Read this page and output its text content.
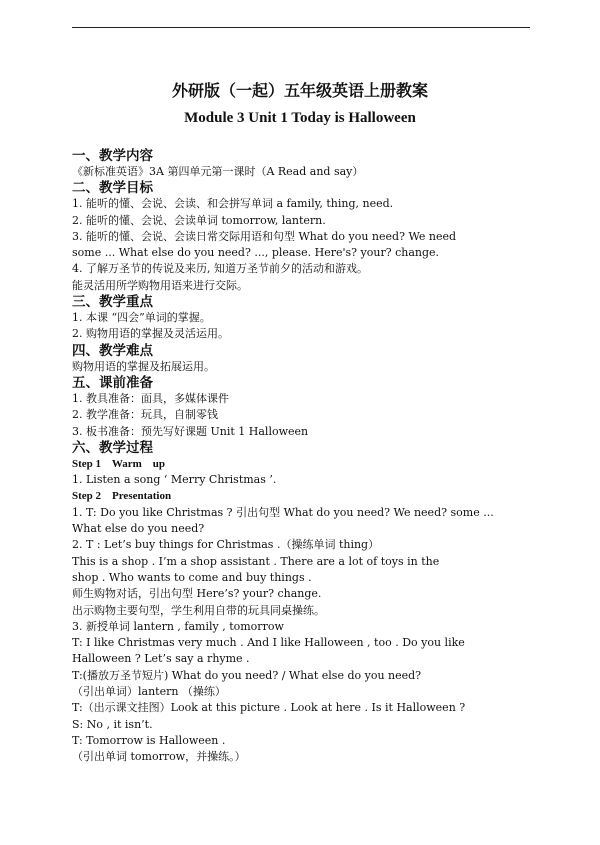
外研版（一起）五年级英语上册教案
Module 3 Unit 1 Today is Halloween

一、教学内容

《新标准英语》3A 第四单元第一课时（A Read and say）

二、教学目标

1. 能听的懂、会说、会读、和会拼写单词 a family, thing, need.

2. 能听的懂、会说、会读单词 tomorrow, lantern.

3. 能听的懂、会说、会读日常交际用语和句型 What do you need? We need

some ... What else do you need? ..., please. Here's? your? change.

4. 了解万圣节的传说及来历, 知道万圣节前夕的活动和游戏。

能灵活用所学购物用语来进行交际。

三、教学重点

1. 本课 “四会”单词的掌握。

2. 购物用语的掌握及灵活运用。

四、教学难点

购物用语的掌握及拓展运用。

五、课前准备

1. 教具准备：面具，多媒体课件

2. 教学准备：玩具，自制零钱

3. 板书准备：预先写好课题 Unit 1 Halloween

六、教学过程

Step 1    Warm    up

1. Listen a song ‘ Merry Christmas ’.

Step 2    Presentation

1. T: Do you like Christmas ? 引出句型 What do you need? We need? some ...

What else do you need?

2. T : Let’s buy things for Christmas .（操练单词 thing）

This is a shop . I’m a shop assistant . There are a lot of toys in the

shop . Who wants to come and buy things .

师生购物对话，引出句型 Here’s? your? change.

出示购物主要句型，学生利用自带的玩具同桌操练。

3. 新授单词 lantern , family , tomorrow

T: I like Christmas very much . And I like Halloween , too . Do you like

Halloween ? Let’s say a rhyme .

T:(播放万圣节短片) What do you need? / What else do you need?

（引出单词）lantern （操练）

T:（出示课文挂图）Look at this picture . Look at here . Is it Halloween ?

S: No , it isn’t.

T: Tomorrow is Halloween .

（引出单词 tomorrow，并操练。）
